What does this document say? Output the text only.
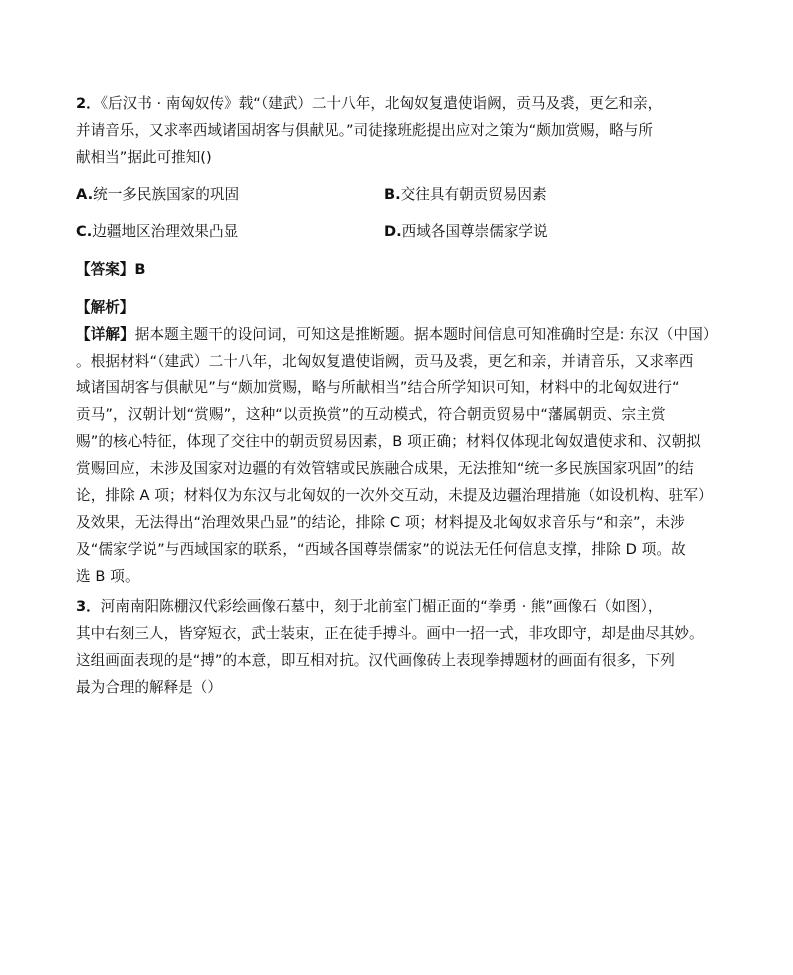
2．《后汉书 · 南匈奴传》载“（建武）二十八年，北匈奴复遣使诣阙，贡马及裘，更乞和亲，
并请音乐，又求率西域诸国胡客与俱献见。”司徒掾班彪提出应对之策为“颇加赏赐，略与所
献相当”据此可推知()
A.统一多民族国家的巩固	B.交往具有朝贡贸易因素
C.边疆地区治理效果凸显	D.西域各国尊崇儒家学说
【答案】B
【解析】
【详解】据本题主题干的设问词，可知这是推断题。据本题时间信息可知准确时空是: 东汉（中国）
。根据材料“（建武）二十八年，北匈奴复遣使诣阙，贡马及裘，更乞和亲，并请音乐，又求率西
域诸国胡客与俱献见”与“颇加赏赐，略与所献相当”结合所学知识可知，材料中的北匈奴进行“
贡马”，汉朝计划“赏赐”，这种“以贡换赏”的互动模式，符合朝贡贸易中“藩属朝贡、宗主赏
赐”的核心特征，体现了交往中的朝贡贸易因素，B 项正确；材料仅体现北匈奴遣使求和、汉朝拟
赏赐回应，未涉及国家对边疆的有效管辖或民族融合成果，无法推知“统一多民族国家巩固”的结
论，排除 A 项；材料仅为东汉与北匈奴的一次外交互动，未提及边疆治理措施（如设机构、驻军）
及效果，无法得出“治理效果凸显”的结论，排除 C 项；材料提及北匈奴求音乐与“和亲”，未涉
及“儒家学说”与西域国家的联系，“西域各国尊崇儒家”的说法无任何信息支撑，排除 D 项。故
选 B 项。
3．河南南阳陈棚汉代彩绘画像石墓中，刻于北前室门楣正面的“拳勇 · 熊”画像石（如图），
其中右刻三人，皆穿短衣，武士装束，正在徒手搏斗。画中一招一式，非攻即守，却是曲尽其妙。
这组画面表现的是“搏”的本意，即互相对抗。汉代画像砖上表现拳搏题材的画面有很多，下列
最为合理的解释是（）
